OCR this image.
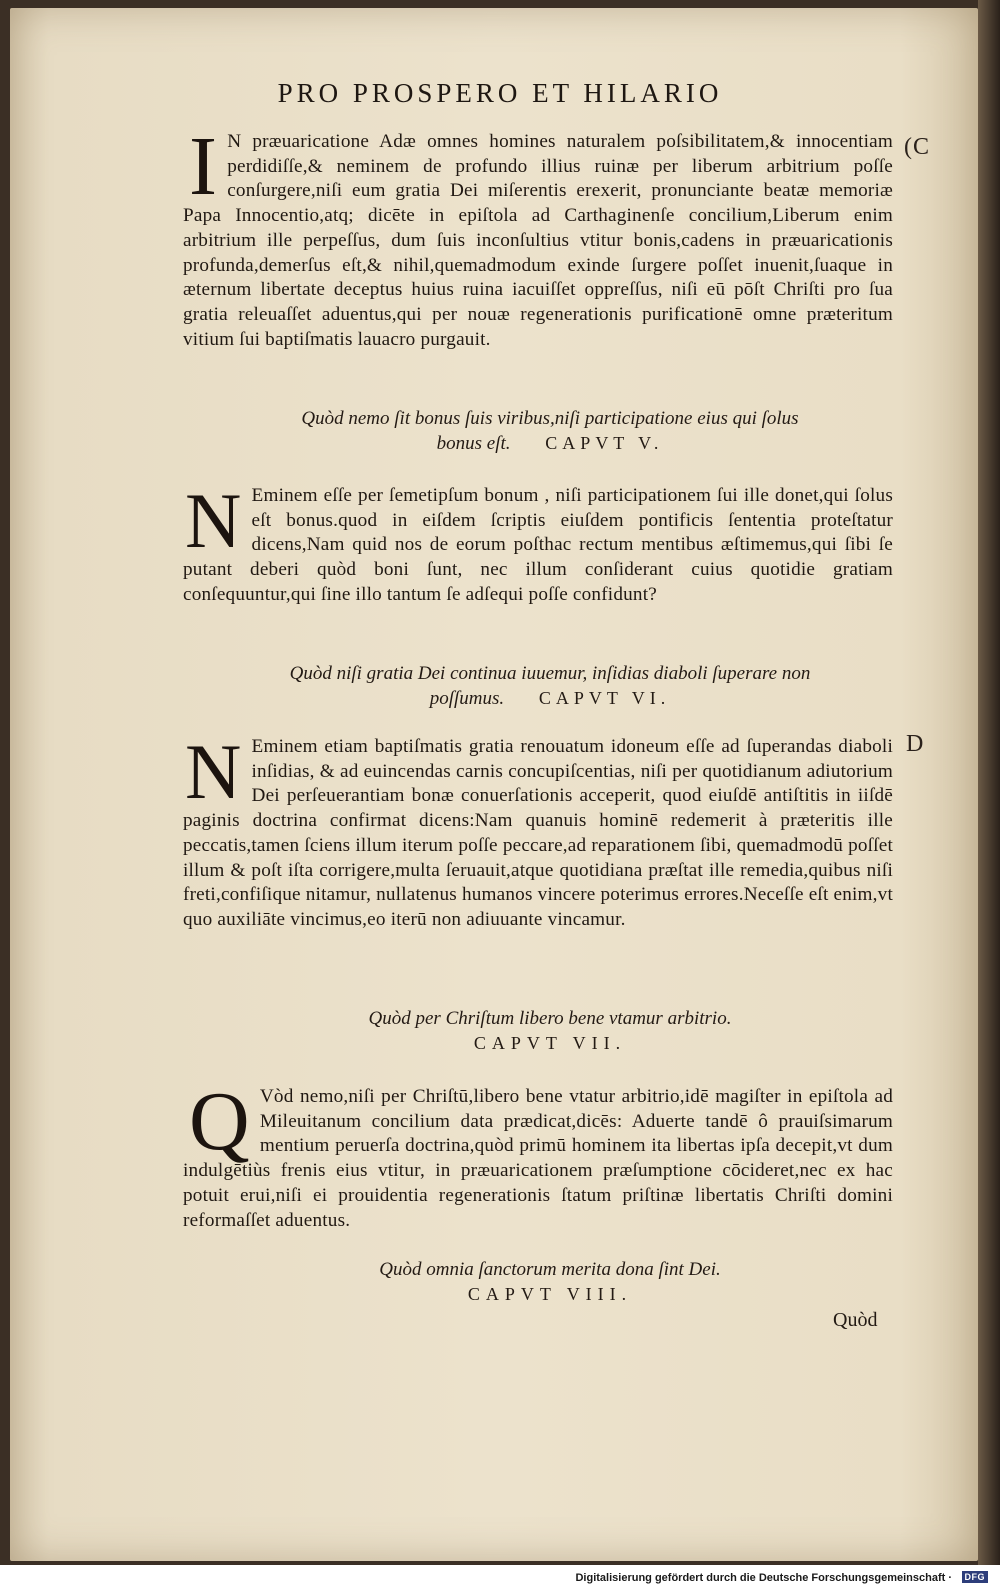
PRO PROSPERO ET HILARIO
(C
D

I N præuaricatione Adæ omnes homines naturalem poſsibilitatem,& innocentiam perdidiſſe,& neminem de profundo illius ruinæ per liberum arbitrium poſſe conſurgere,niſi eum gratia Dei miſerentis erexerit, pronunciante beatæ memoriæ Papa Innocentio,atq; dicēte in epiſtola ad Carthaginenſe concilium,Liberum enim arbitrium ille perpeſſus, dum ſuis inconſultius vtitur bonis,cadens in præuaricationis profunda,demerſus eſt,& nihil,quemadmodum exinde ſurgere poſſet inuenit,ſuaque in æternum libertate deceptus huius ruina iacuiſſet oppreſſus, niſi eū pōſt Chriſti pro ſua gratia releuaſſet aduentus,qui per nouæ regenerationis purificationē omne præteritum vitium ſui baptiſmatis lauacro purgauit.

Quòd nemo ſit bonus ſuis viribus,niſi participatione eius qui ſolus bonus eſt. CAPVT V.

N Eminem eſſe per ſemetipſum bonum , niſi participationem ſui ille donet,qui ſolus eſt bonus.quod in eiſdem ſcriptis eiuſdem pontificis ſententia proteſtatur dicens,Nam quid nos de eorum poſthac rectum mentibus æſtimemus,qui ſibi ſe putant deberi quòd boni ſunt, nec illum conſiderant cuius quotidie gratiam conſequuntur,qui ſine illo tantum ſe adſequi poſſe confidunt?

Quòd niſi gratia Dei continua iuuemur, inſidias diaboli ſuperare non poſſumus. CAPVT VI.

N Eminem etiam baptiſmatis gratia renouatum idoneum eſſe ad ſuperandas diaboli inſidias, & ad euincendas carnis concupiſcentias, niſi per quotidianum adiutorium Dei perſeuerantiam bonæ conuerſationis acceperit, quod eiuſdē antiſtitis in iiſdē paginis doctrina confirmat dicens:Nam quanuis hominē redemerit à præteritis ille peccatis,tamen ſciens illum iterum poſſe peccare,ad reparationem ſibi, quemadmodū poſſet illum & poſt iſta corrigere,multa ſeruauit,atque quotidiana præſtat ille remedia,quibus niſi freti,confiſique nitamur, nullatenus humanos vincere poterimus errores.Neceſſe eſt enim,vt quo auxiliāte vincimus,eo iterū non adiuuante vincamur.

Quòd per Chriſtum libero bene vtamur arbitrio.
CAPVT VII.

Q Vòd nemo,niſi per Chriſtū,libero bene vtatur arbitrio,idē magiſter in epiſtola ad Mileuitanum concilium data prædicat,dicēs: Aduerte tandē ô prauiſsimarum mentium peruerſa doctrina,quòd primū hominem ita libertas ipſa decepit,vt dum indulgētiùs frenis eius vtitur, in præuaricationem præſumptione cōcideret,nec ex hac potuit erui,niſi ei prouidentia regenerationis ſtatum priſtinæ libertatis Chriſti domini reformaſſet aduentus.

Quòd omnia ſanctorum merita dona ſint Dei.
CAPVT VIII.
Quòd
Digitalisierung gefördert durch die Deutsche Forschungsgemeinschaft ·	DFG
